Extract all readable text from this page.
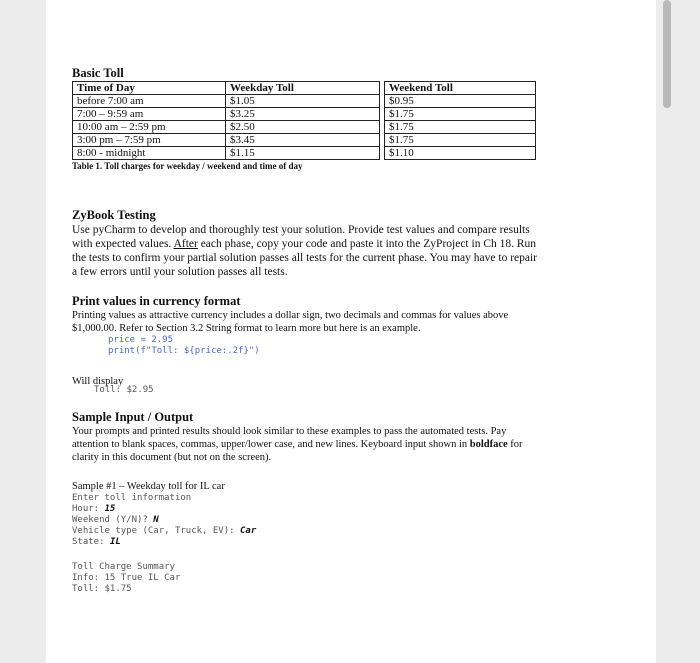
Basic Toll

Time of Day	Weekday Toll		Weekend Toll
before 7:00 am	$1.05		$0.95
7:00 – 9:59 am	$3.25		$1.75
10:00 am – 2:59 pm	$2.50		$1.75
3:00 pm – 7:59 pm	$3.45		$1.75
8:00 - midnight	$1.15		$1.10
Table 1. Toll charges for weekday / weekend and time of day

ZyBook Testing

Use pyCharm to develop and thoroughly test your solution. Provide test values and compare results with expected values. After each phase, copy your code and paste it into the ZyProject in Ch 18. Run the tests to confirm your partial solution passes all tests for the current phase. You may have to repair a few errors until your solution passes all tests.

Print values in currency format

Printing values as attractive currency includes a dollar sign, two decimals and commas for values above $1,000.00. Refer to Section 3.2 String format to learn more but here is an example.

price = 2.95
print(f"Toll: ${price:.2f}")
Will display
Toll: $2.95

Sample Input / Output

Your prompts and printed results should look similar to these examples to pass the automated tests. Pay attention to blank spaces, commas, upper/lower case, and new lines. Keyboard input shown in boldface for clarity in this document (but not on the screen).

Sample #1 – Weekday toll for IL car
Enter toll information
Hour: 15
Weekend (Y/N)? N
Vehicle type (Car, Truck, EV): Car
State: IL
Toll Charge Summary
Info: 15 True IL Car
Toll: $1.75
